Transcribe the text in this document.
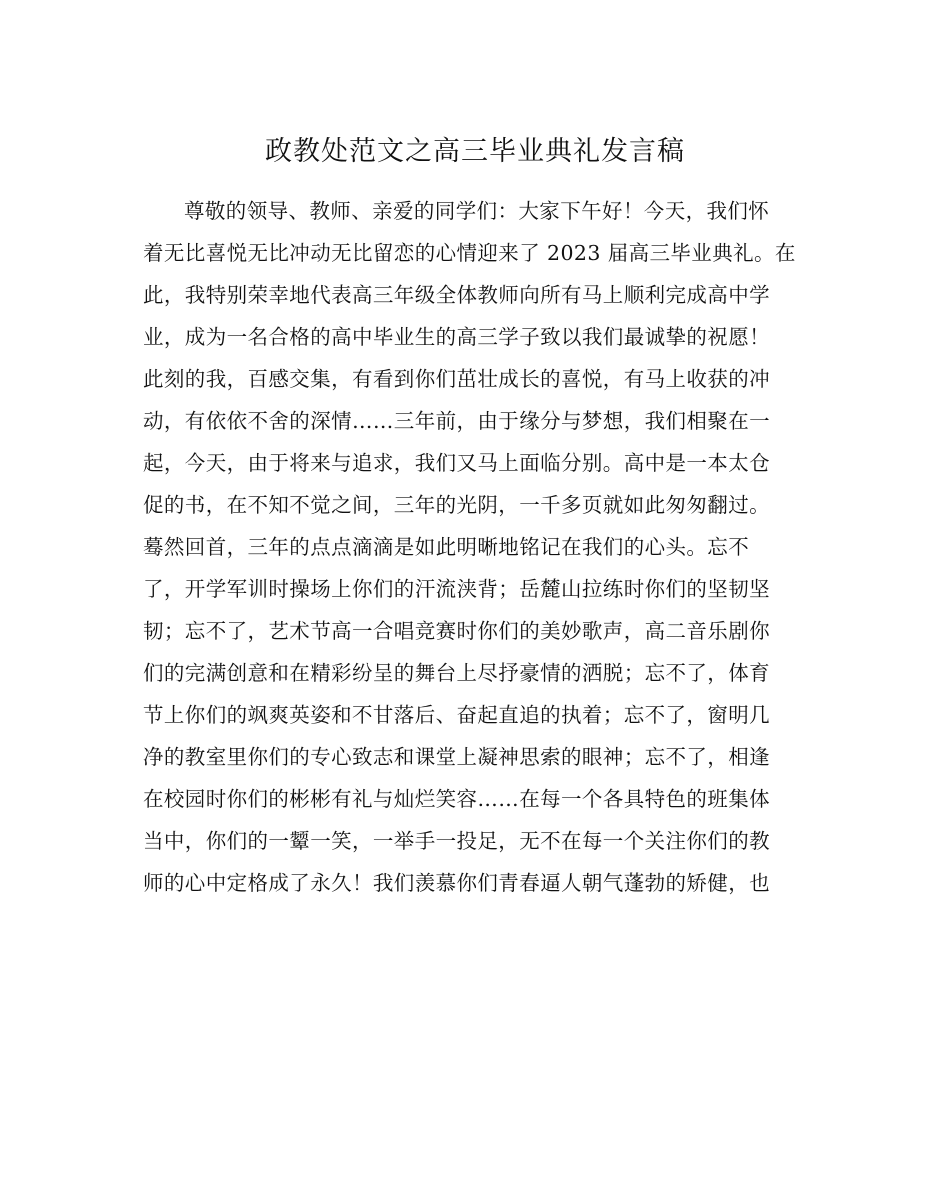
政教处范文之高三毕业典礼发言稿
尊敬的领导、教师、亲爱的同学们：大家下午好！今天，我们怀
着无比喜悦无比冲动无比留恋的心情迎来了 2023 届高三毕业典礼。在
此，我特别荣幸地代表高三年级全体教师向所有马上顺利完成高中学
业，成为一名合格的高中毕业生的高三学子致以我们最诚挚的祝愿！
此刻的我，百感交集，有看到你们茁壮成长的喜悦，有马上收获的冲
动，有依依不舍的深情……三年前，由于缘分与梦想，我们相聚在一
起，今天，由于将来与追求，我们又马上面临分别。高中是一本太仓
促的书，在不知不觉之间，三年的光阴，一千多页就如此匆匆翻过。
蓦然回首，三年的点点滴滴是如此明晰地铭记在我们的心头。忘不
了，开学军训时操场上你们的汗流浃背；岳麓山拉练时你们的坚韧坚
韧；忘不了，艺术节高一合唱竞赛时你们的美妙歌声，高二音乐剧你
们的完满创意和在精彩纷呈的舞台上尽抒豪情的洒脱；忘不了，体育
节上你们的飒爽英姿和不甘落后、奋起直追的执着；忘不了，窗明几
净的教室里你们的专心致志和课堂上凝神思索的眼神；忘不了，相逢
在校园时你们的彬彬有礼与灿烂笑容……在每一个各具特色的班集体
当中，你们的一颦一笑，一举手一投足，无不在每一个关注你们的教
师的心中定格成了永久！我们羡慕你们青春逼人朝气蓬勃的矫健，也
